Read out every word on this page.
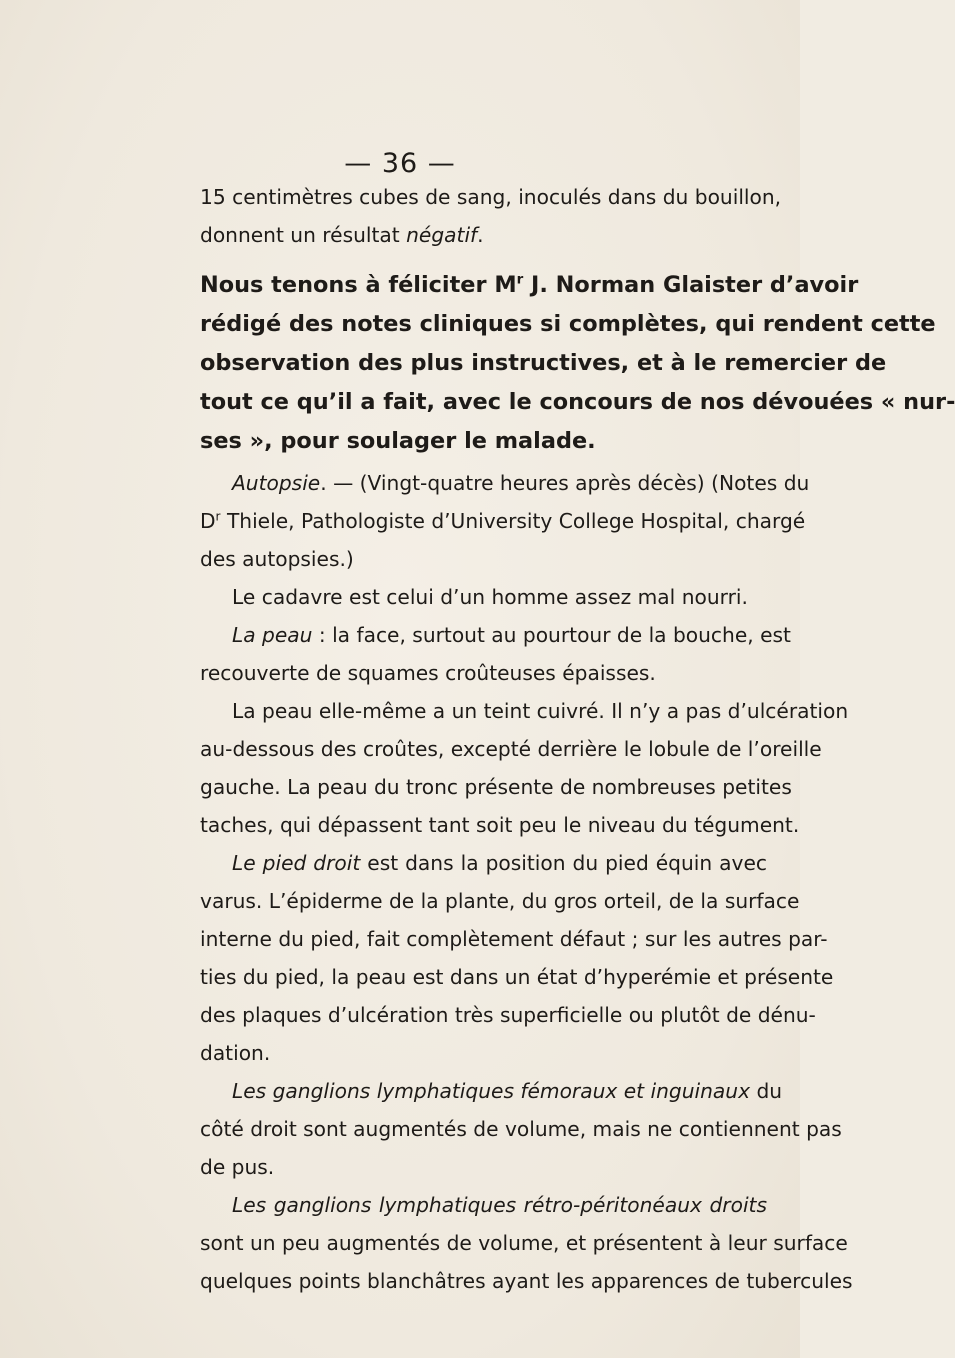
— 36 —
15 centimètres cubes de sang, inoculés dans du bouillon,
donnent un résultat négatif.
Nous tenons à féliciter $M^r$ J. Norman Glaister d’avoir
rédigé des notes cliniques si complètes, qui rendent cette
observation des plus instructives, et à le remercier de
tout ce qu’il a fait, avec le concours de nos dévouées « nur-
ses », pour soulager le malade.
Autopsie. — (Vingt-quatre heures après décès) (Notes du
$D^r$ Thiele, Pathologiste d’University College Hospital, chargé
des autopsies.)
Le cadavre est celui d’un homme assez mal nourri.
La peau : la face, surtout au pourtour de la bouche, est
recouverte de squames croûteuses épaisses.
La peau elle-même a un teint cuivré. Il n’y a pas d’ulcération
au-dessous des croûtes, excepté derrière le lobule de l’oreille
gauche. La peau du tronc présente de nombreuses petites
taches, qui dépassent tant soit peu le niveau du tégument.
Le pied droit est dans la position du pied équin avec
varus. L’épiderme de la plante, du gros orteil, de la surface
interne du pied, fait complètement défaut ; sur les autres par-
ties du pied, la peau est dans un état d’hyperémie et présente
des plaques d’ulcération très superficielle ou plutôt de dénu-
dation.
Les ganglions lymphatiques fémoraux et inguinaux du
côté droit sont augmentés de volume, mais ne contiennent pas
de pus.
Les ganglions lymphatiques rétro-péritonéaux droits
sont un peu augmentés de volume, et présentent à leur surface
quelques points blanchâtres ayant les apparences de tubercules
